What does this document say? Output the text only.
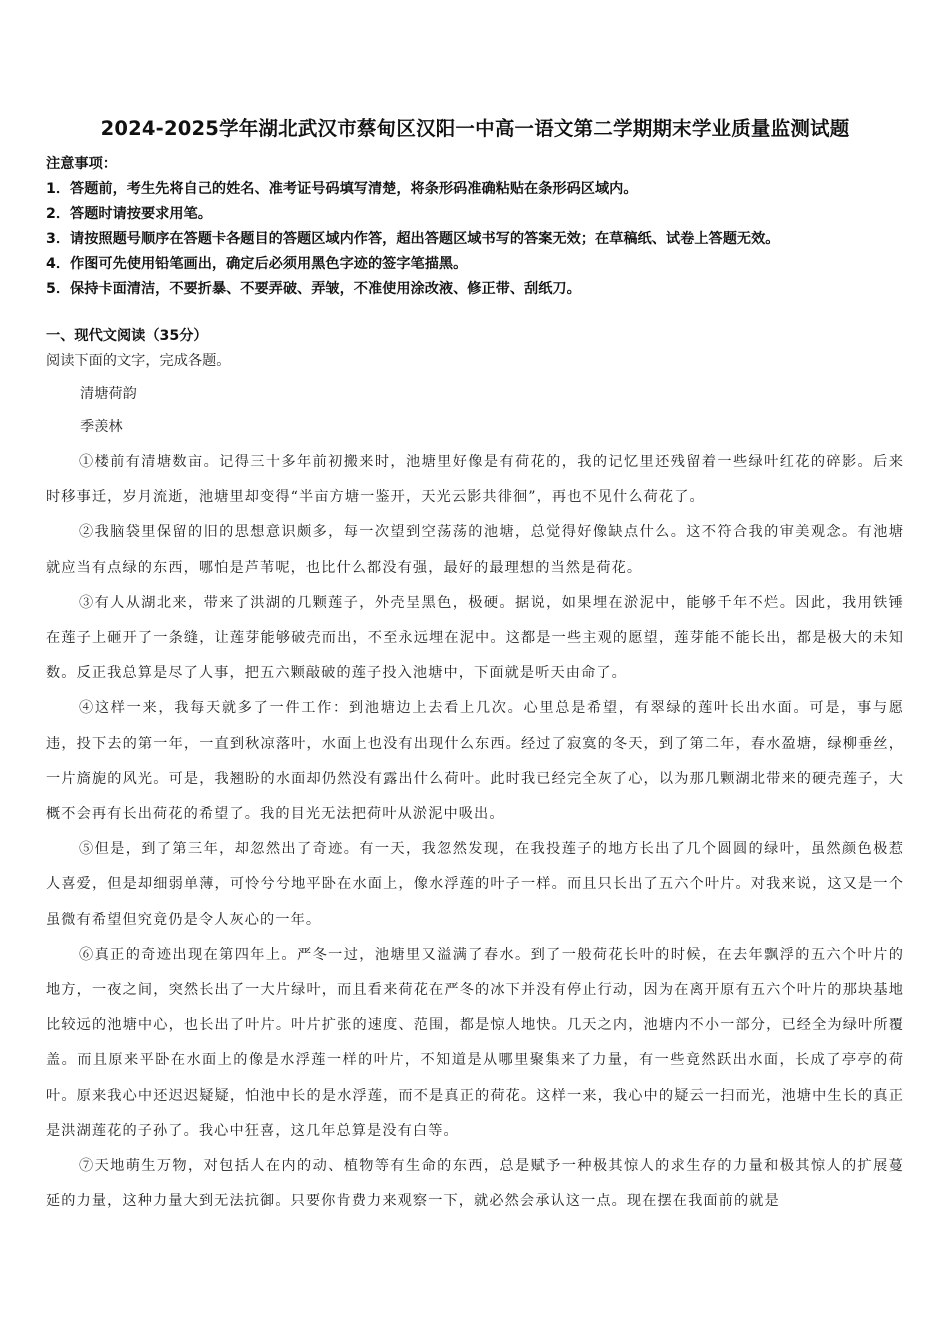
2024-2025学年湖北武汉市蔡甸区汉阳一中高一语文第二学期期末学业质量监测试题
注意事项：
1．答题前，考生先将自己的姓名、准考证号码填写清楚，将条形码准确粘贴在条形码区域内。
2．答题时请按要求用笔。
3．请按照题号顺序在答题卡各题目的答题区域内作答，超出答题区域书写的答案无效；在草稿纸、试卷上答题无效。
4．作图可先使用铅笔画出，确定后必须用黑色字迹的签字笔描黑。
5．保持卡面清洁，不要折暴、不要弄破、弄皱，不准使用涂改液、修正带、刮纸刀。
一、现代文阅读（35分）
阅读下面的文字，完成各题。
清塘荷韵
季羡林
①楼前有清塘数亩。记得三十多年前初搬来时，池塘里好像是有荷花的，我的记忆里还残留着一些绿叶红花的碎影。后来时移事迁，岁月流逝，池塘里却变得“半亩方塘一鉴开，天光云影共徘徊”，再也不见什么荷花了。
②我脑袋里保留的旧的思想意识颇多，每一次望到空荡荡的池塘，总觉得好像缺点什么。这不符合我的审美观念。有池塘就应当有点绿的东西，哪怕是芦苇呢，也比什么都没有强，最好的最理想的当然是荷花。
③有人从湖北来，带来了洪湖的几颗莲子，外壳呈黑色，极硬。据说，如果埋在淤泥中，能够千年不烂。因此，我用铁锤在莲子上砸开了一条缝，让莲芽能够破壳而出，不至永远埋在泥中。这都是一些主观的愿望，莲芽能不能长出，都是极大的未知数。反正我总算是尽了人事，把五六颗敲破的莲子投入池塘中，下面就是听天由命了。
④这样一来，我每天就多了一件工作：到池塘边上去看上几次。心里总是希望，有翠绿的莲叶长出水面。可是，事与愿违，投下去的第一年，一直到秋凉落叶，水面上也没有出现什么东西。经过了寂寞的冬天，到了第二年，春水盈塘，绿柳垂丝，一片旖旎的风光。可是，我翘盼的水面却仍然没有露出什么荷叶。此时我已经完全灰了心，以为那几颗湖北带来的硬壳莲子，大概不会再有长出荷花的希望了。我的目光无法把荷叶从淤泥中吸出。
⑤但是，到了第三年，却忽然出了奇迹。有一天，我忽然发现，在我投莲子的地方长出了几个圆圆的绿叶，虽然颜色极惹人喜爱，但是却细弱单薄，可怜兮兮地平卧在水面上，像水浮莲的叶子一样。而且只长出了五六个叶片。对我来说，这又是一个虽微有希望但究竟仍是令人灰心的一年。
⑥真正的奇迹出现在第四年上。严冬一过，池塘里又溢满了春水。到了一般荷花长叶的时候，在去年飘浮的五六个叶片的地方，一夜之间，突然长出了一大片绿叶，而且看来荷花在严冬的冰下并没有停止行动，因为在离开原有五六个叶片的那块基地比较远的池塘中心，也长出了叶片。叶片扩张的速度、范围，都是惊人地快。几天之内，池塘内不小一部分，已经全为绿叶所覆盖。而且原来平卧在水面上的像是水浮莲一样的叶片，不知道是从哪里聚集来了力量，有一些竟然跃出水面，长成了亭亭的荷叶。原来我心中还迟迟疑疑，怕池中长的是水浮莲，而不是真正的荷花。这样一来，我心中的疑云一扫而光，池塘中生长的真正是洪湖莲花的子孙了。我心中狂喜，这几年总算是没有白等。
⑦天地萌生万物，对包括人在内的动、植物等有生命的东西，总是赋予一种极其惊人的求生存的力量和极其惊人的扩展蔓延的力量，这种力量大到无法抗御。只要你肯费力来观察一下，就必然会承认这一点。现在摆在我面前的就是
